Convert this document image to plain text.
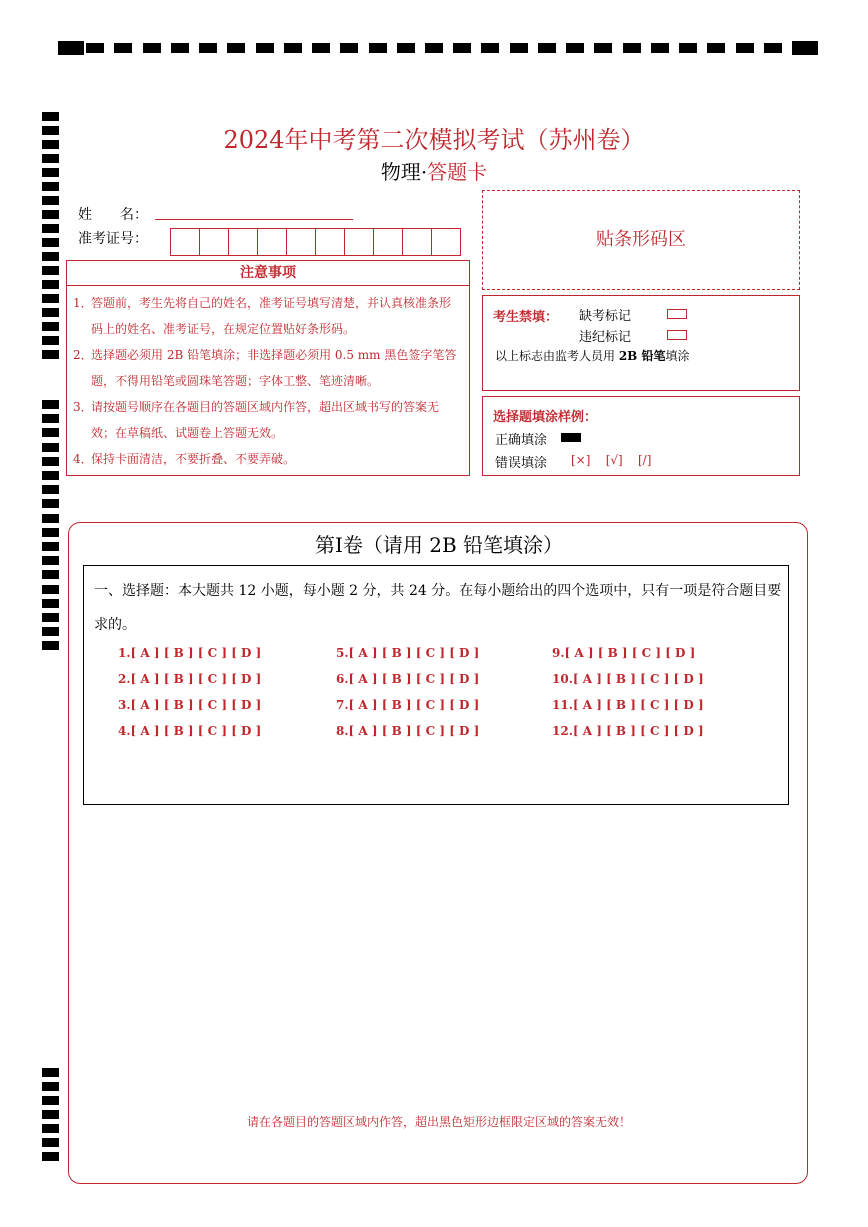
2024年中考第二次模拟考试（苏州卷）
物理·答题卡
姓　　名：
准考证号：
注意事项
1．
答题前，考生先将自己的姓名，准考证号填写清楚，并认真核准条形码上的姓名、准考证号，在规定位置贴好条形码。
2．
选择题必须用 2B 铅笔填涂；非选择题必须用 0.5 mm 黑色签字笔答题，不得用铅笔或圆珠笔答题；字体工整、笔迹清晰。
3．
请按题号顺序在各题目的答题区域内作答，超出区域书写的答案无效；在草稿纸、试题卷上答题无效。
4．
保持卡面清洁，不要折叠、不要弄破。
贴条形码区
考生禁填： 缺考标记
违纪标记
以上标志由监考人员用 2B 铅笔填涂
选择题填涂样例：
正确填涂
错误填涂 [×] [√] [/]
第Ⅰ卷（请用 2B 铅笔填涂）
一、选择题：本大题共 12 小题，每小题 2 分，共 24 分。在每小题给出的四个选项中，只有一项是符合题目要求的。
1.[ A ] [ B ] [ C ] [ D ]
2.[ A ] [ B ] [ C ] [ D ]
3.[ A ] [ B ] [ C ] [ D ]
4.[ A ] [ B ] [ C ] [ D ]
5.[ A ] [ B ] [ C ] [ D ]
6.[ A ] [ B ] [ C ] [ D ]
7.[ A ] [ B ] [ C ] [ D ]
8.[ A ] [ B ] [ C ] [ D ]
9.[ A ] [ B ] [ C ] [ D ]
10.[ A ] [ B ] [ C ] [ D ]
11.[ A ] [ B ] [ C ] [ D ]
12.[ A ] [ B ] [ C ] [ D ]
请在各题目的答题区域内作答，超出黑色矩形边框限定区域的答案无效！
